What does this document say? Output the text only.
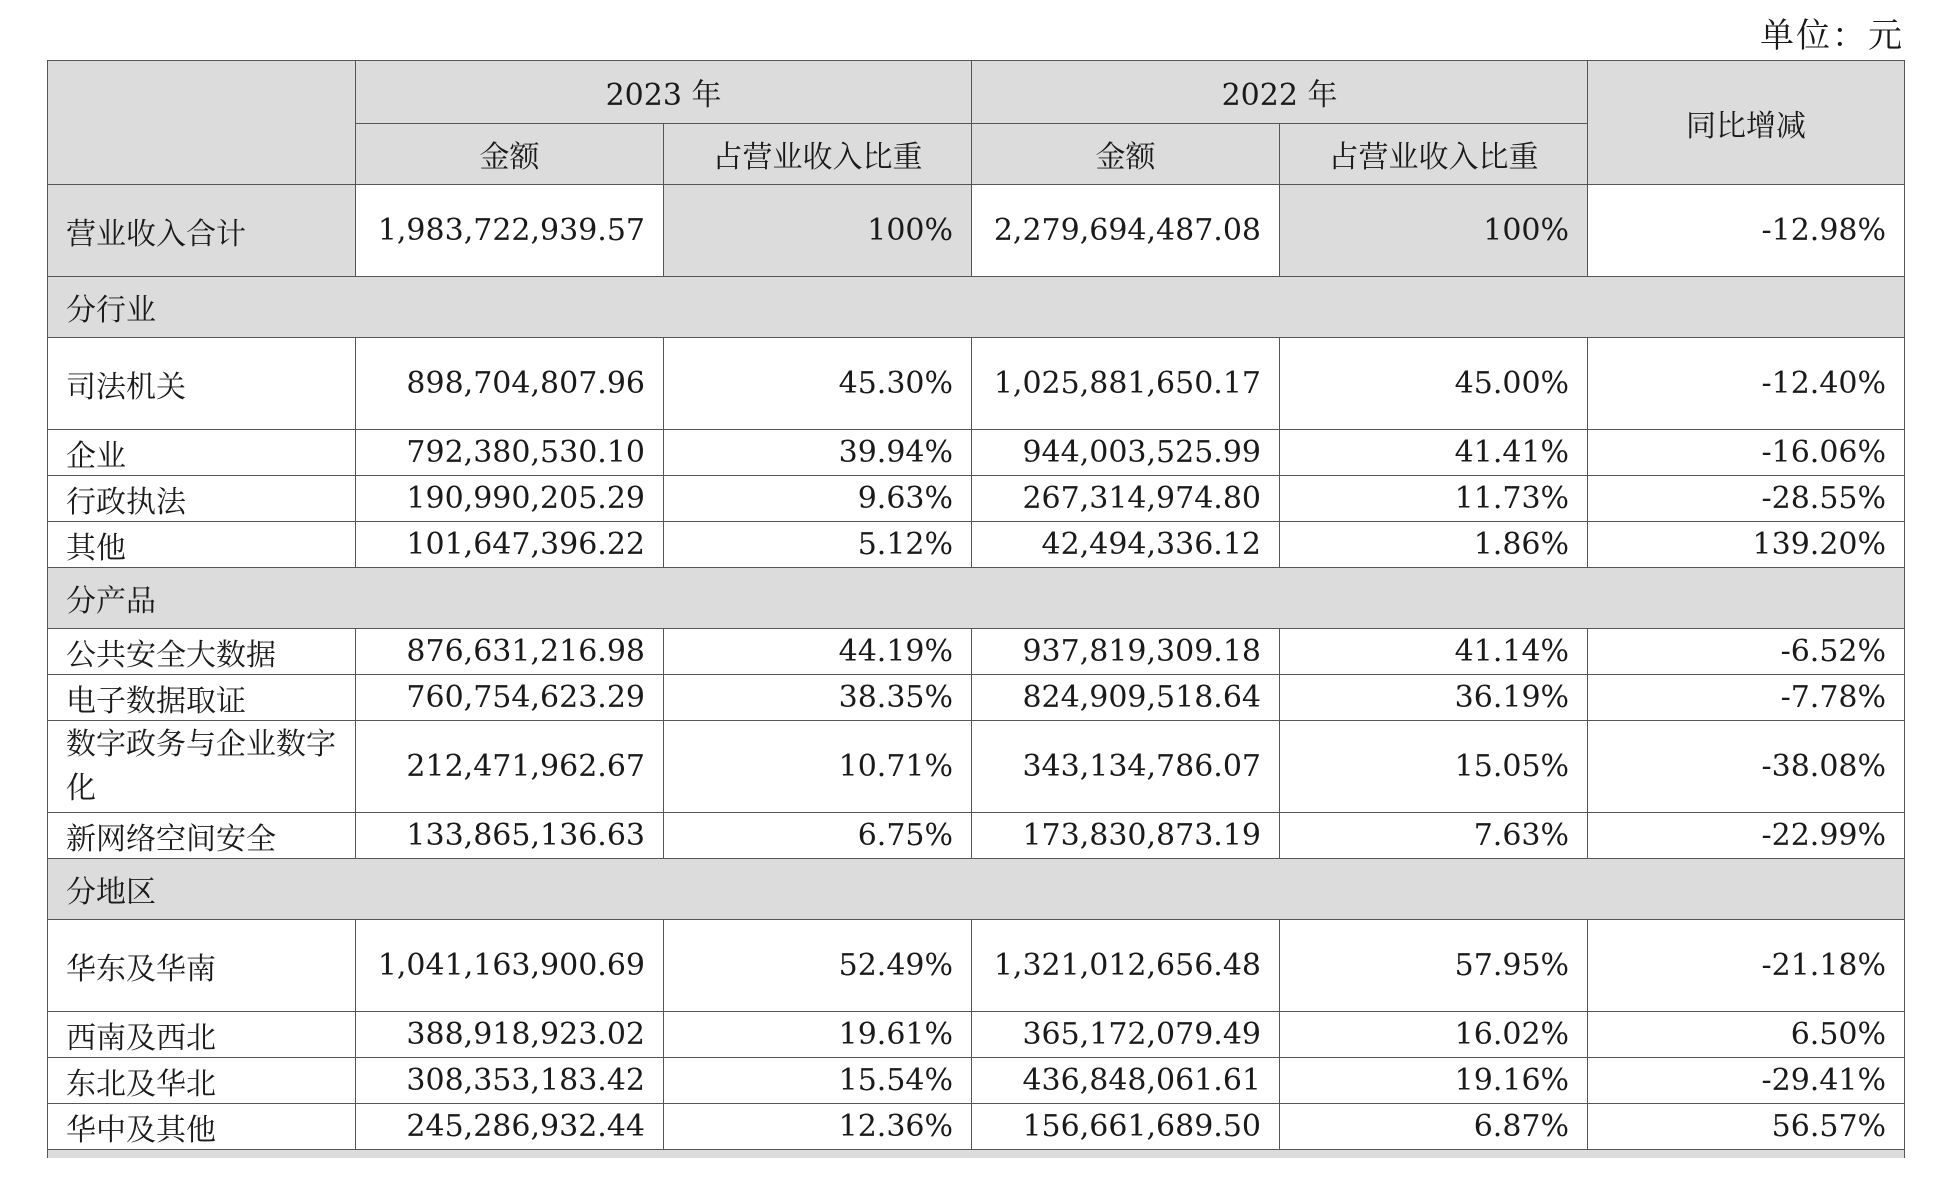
单位：元
	2023 年		2022 年		同比增减
	金额	占营业收入比重	金额	占营业收入比重	
营业收入合计	1,983,722,939.57	100%	2,279,694,487.08	100%	-12.98%
分行业					
司法机关	898,704,807.96	45.30%	1,025,881,650.17	45.00%	-12.40%
企业	792,380,530.10	39.94%	944,003,525.99	41.41%	-16.06%
行政执法	190,990,205.29	9.63%	267,314,974.80	11.73%	-28.55%
其他	101,647,396.22	5.12%	42,494,336.12	1.86%	139.20%
分产品					
公共安全大数据	876,631,216.98	44.19%	937,819,309.18	41.14%	-6.52%
电子数据取证	760,754,623.29	38.35%	824,909,518.64	36.19%	-7.78%
数字政务与企业数字化	212,471,962.67	10.71%	343,134,786.07	15.05%	-38.08%
新网络空间安全	133,865,136.63	6.75%	173,830,873.19	7.63%	-22.99%
分地区					
华东及华南	1,041,163,900.69	52.49%	1,321,012,656.48	57.95%	-21.18%
西南及西北	388,918,923.02	19.61%	365,172,079.49	16.02%	6.50%
东北及华北	308,353,183.42	15.54%	436,848,061.61	19.16%	-29.41%
华中及其他	245,286,932.44	12.36%	156,661,689.50	6.87%	56.57%
